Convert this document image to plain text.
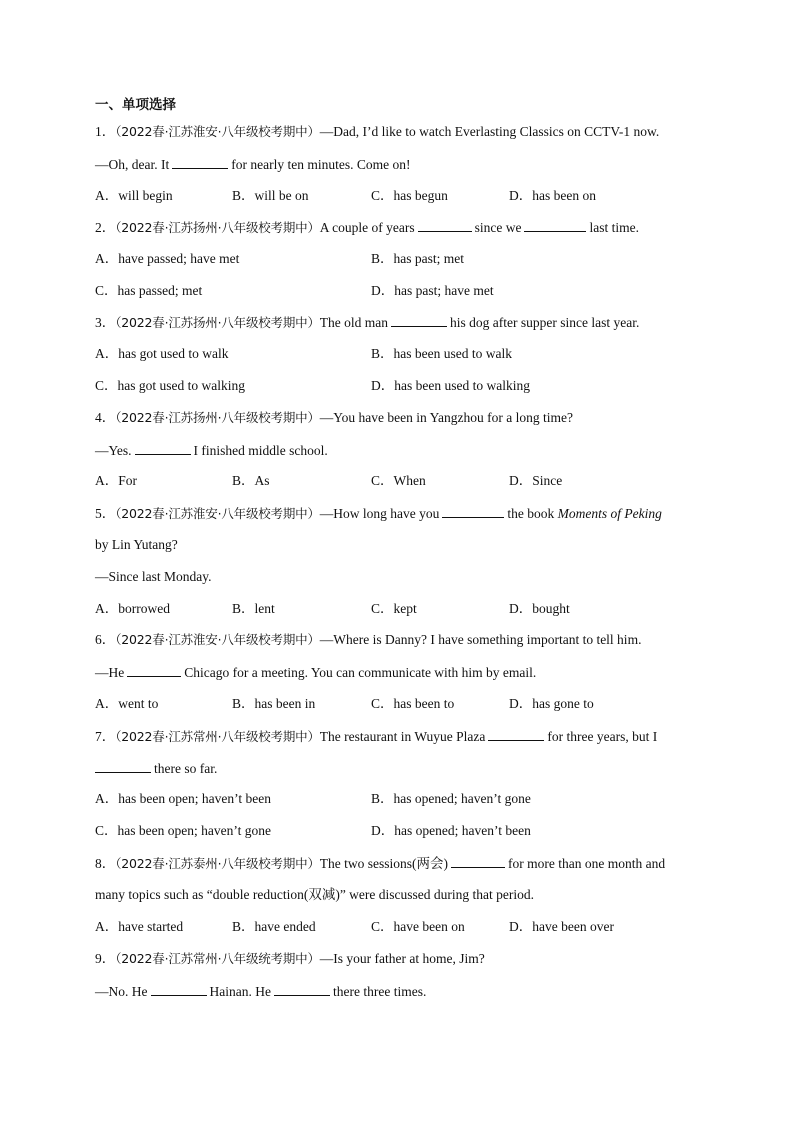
一、单项选择
1．（2022春·江苏淮安·八年级校考期中）—Dad, I’d like to watch Everlasting Classics on CCTV-1 now.
—Oh, dear. It	for nearly ten minutes. Come on!
A．will begin	B．will be on	C．has begun	D．has been on
2．（2022春·江苏扬州·八年级校考期中）A couple of years	since we	last time.
A．have passed; have met	B．has past; met
C．has passed; met	D．has past; have met
3．（2022春·江苏扬州·八年级校考期中）The old man	his dog after supper since last year.
A．has got used to walk	B．has been used to walk
C．has got used to walking	D．has been used to walking
4．（2022春·江苏扬州·八年级校考期中）—You have been in Yangzhou for a long time?
—Yes.	I finished middle school.
A．For	B．As	C．When	D．Since
5．（2022春·江苏淮安·八年级校考期中）—How long have you	the book Moments of Peking
by Lin Yutang?
—Since last Monday.
A．borrowed	B．lent	C．kept	D．bought
6．（2022春·江苏淮安·八年级校考期中）—Where is Danny? I have something important to tell him.
—He	Chicago for a meeting. You can communicate with him by email.
A．went to	B．has been in	C．has been to	D．has gone to
7．（2022春·江苏常州·八年级校考期中）The restaurant in Wuyue Plaza	for three years, but I
there so far.
A．has been open; haven’t been	B．has opened; haven’t gone
C．has been open; haven’t gone	D．has opened; haven’t been
8．（2022春·江苏泰州·八年级校考期中）The two sessions(两会)	for more than one month and
many topics such as “double reduction(双减)” were discussed during that period.
A．have started	B．have ended	C．have been on	D．have been over
9．（2022春·江苏常州·八年级统考期中）—Is your father at home, Jim?
—No. He	Hainan. He	there three times.
